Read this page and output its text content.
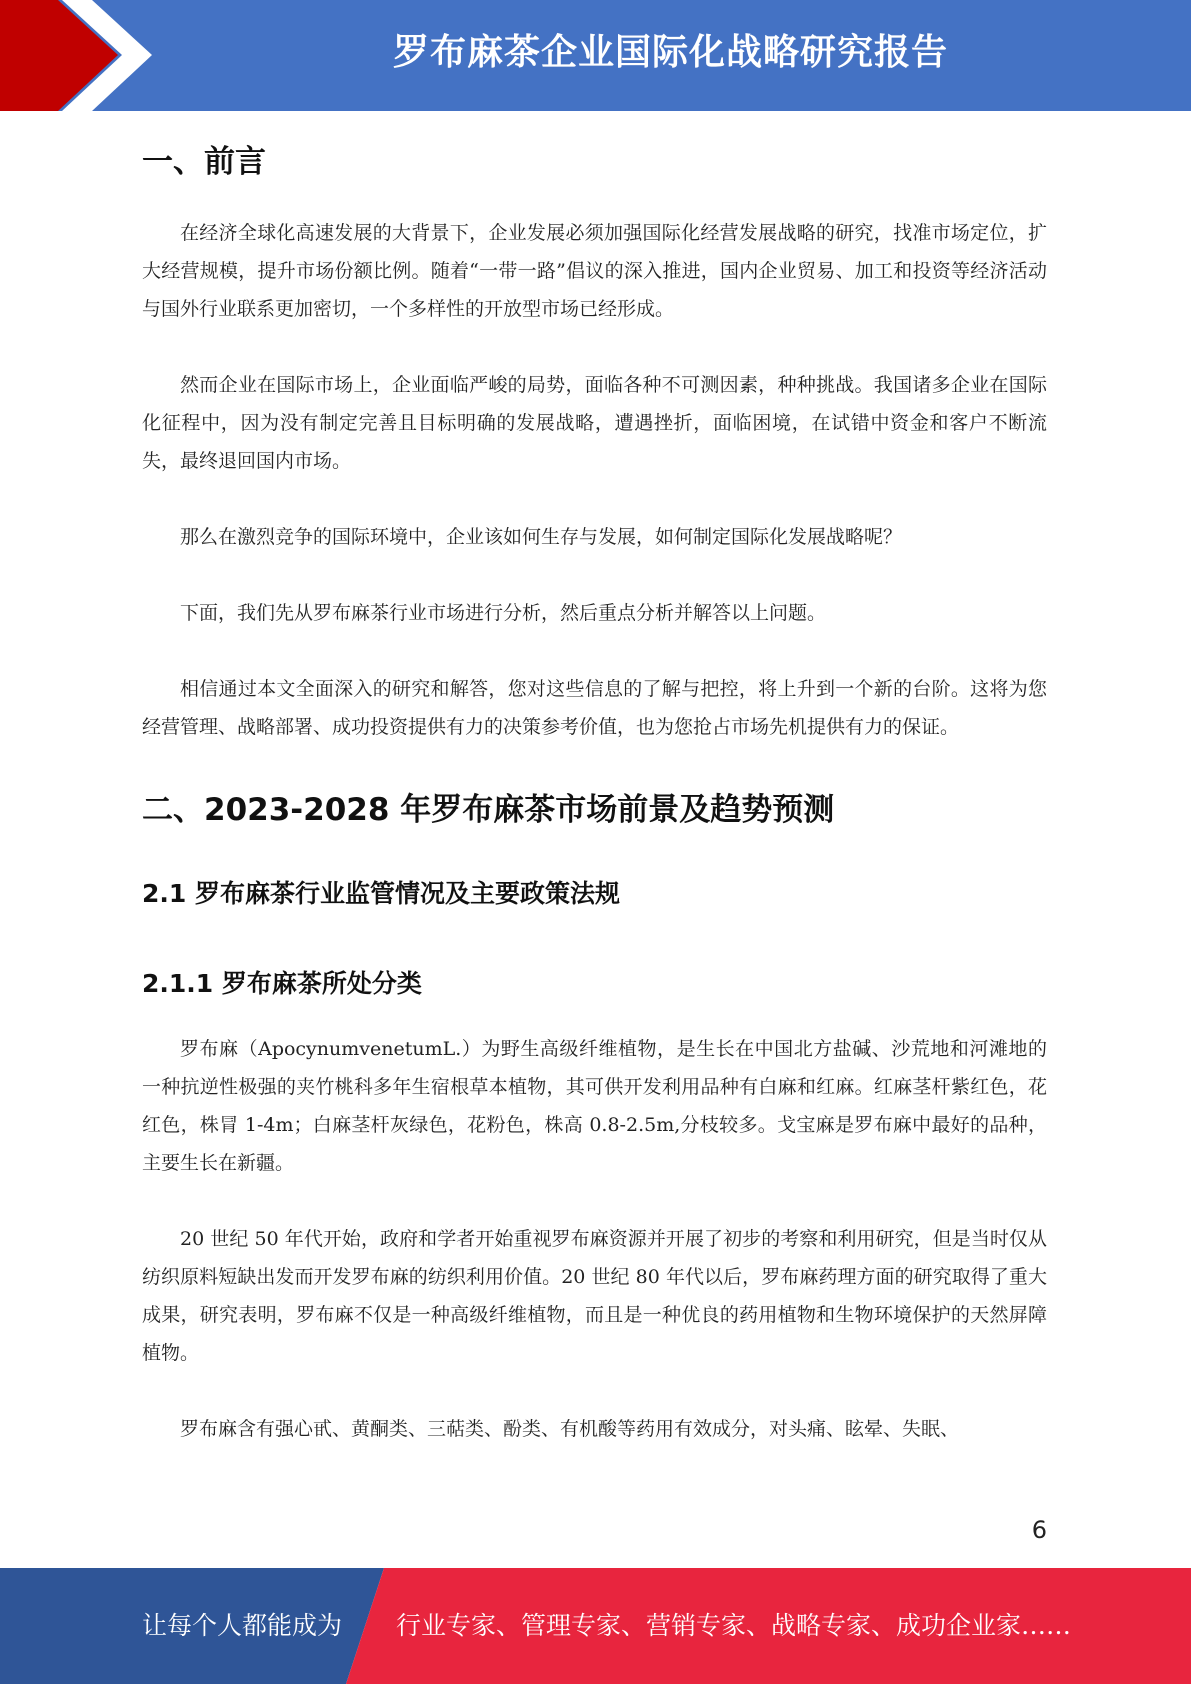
罗布麻茶企业国际化战略研究报告
一、前言

在经济全球化高速发展的大背景下，企业发展必须加强国际化经营发展战略的研究，找准市场定位，扩大经营规模，提升市场份额比例。随着“一带一路”倡议的深入推进，国内企业贸易、加工和投资等经济活动与国外行业联系更加密切，一个多样性的开放型市场已经形成。

然而企业在国际市场上，企业面临严峻的局势，面临各种不可测因素，种种挑战。我国诸多企业在国际化征程中，因为没有制定完善且目标明确的发展战略，遭遇挫折，面临困境，在试错中资金和客户不断流失，最终退回国内市场。

那么在激烈竞争的国际环境中，企业该如何生存与发展，如何制定国际化发展战略呢？

下面，我们先从罗布麻茶行业市场进行分析，然后重点分析并解答以上问题。

相信通过本文全面深入的研究和解答，您对这些信息的了解与把控，将上升到一个新的台阶。这将为您经营管理、战略部署、成功投资提供有力的决策参考价值，也为您抢占市场先机提供有力的保证。

二、2023-2028 年罗布麻茶市场前景及趋势预测
2.1 罗布麻茶行业监管情况及主要政策法规
2.1.1 罗布麻茶所处分类

罗布麻（ApocynumvenetumL.）为野生高级纤维植物，是生长在中国北方盐碱、沙荒地和河滩地的一种抗逆性极强的夹竹桃科多年生宿根草本植物，其可供开发利用品种有白麻和红麻。红麻茎杆紫红色，花红色，株冐 1-4m；白麻茎杆灰绿色，花粉色，株高 0.8-2.5m,分枝较多。戈宝麻是罗布麻中最好的品种，主要生长在新疆。

20 世纪 50 年代开始，政府和学者开始重视罗布麻资源并开展了初步的考察和利用研究，但是当时仅从纺织原料短缺出发而开发罗布麻的纺织利用价值。20 世纪 80 年代以后，罗布麻药理方面的研究取得了重大成果，研究表明，罗布麻不仅是一种高级纤维植物，而且是一种优良的药用植物和生物环境保护的天然屏障植物。

罗布麻含有强心甙、黄酮类、三萜类、酚类、有机酸等药用有效成分，对头痛、眩晕、失眠、

6
让每个人都能成为 行业专家、管理专家、营销专家、战略专家、成功企业家……
